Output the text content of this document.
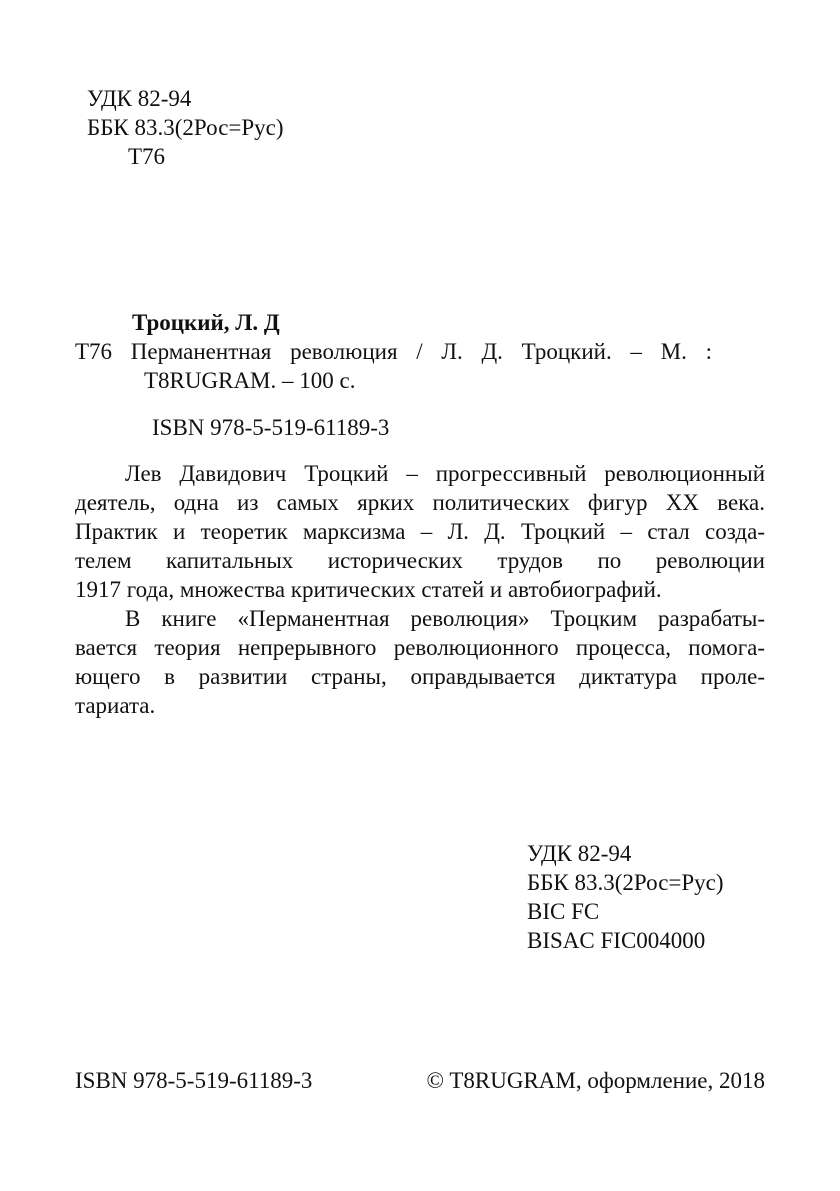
УДК 82-94
ББК 83.3(2Рос=Рус)
Т76
Троцкий, Л. Д
Т76 Перманентная революция / Л. Д. Троцкий. – М. :
T8RUGRAM. – 100 с.
ISBN 978-5-519-61189-3
Лев Давидович Троцкий – прогрессивный революционный
деятель, одна из самых ярких политических фигур XX века.
Практик и теоретик марксизма – Л. Д. Троцкий – стал созда-
телем капитальных исторических трудов по революции
1917 года, множества критических статей и автобиографий.
В книге «Перманентная революция» Троцким разрабаты-
вается теория непрерывного революционного процесса, помога-
ющего в развитии страны, оправдывается диктатура проле-
тариата.
УДК 82-94
ББК 83.3(2Рос=Рус)
BIC FC
BISAC FIC004000
ISBN 978-5-519-61189-3	© T8RUGRAM, оформление, 2018
